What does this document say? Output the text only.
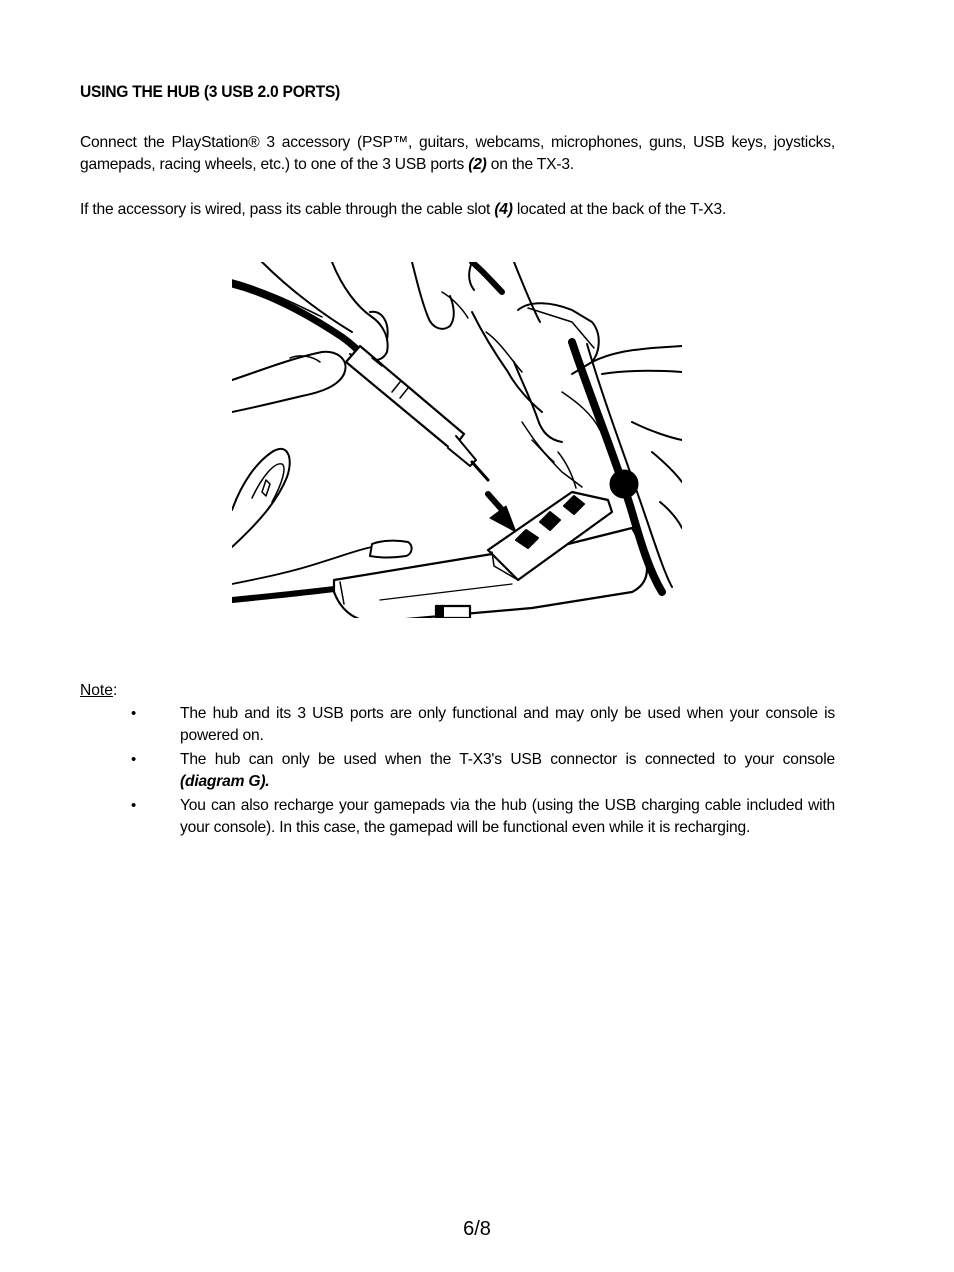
USING THE HUB (3 USB 2.0 PORTS)
Connect the PlayStation® 3 accessory (PSP™, guitars, webcams, microphones, guns, USB keys, joysticks, gamepads, racing wheels, etc.) to one of the 3 USB ports (2) on the TX-3.
If the accessory is wired, pass its cable through the cable slot (4) located at the back of the T-X3.
Note:
•	The hub and its 3 USB ports are only functional and may only be used when your console is powered on.
•	The hub can only be used when the T-X3's USB connector is connected to your console (diagram G).
•	You can also recharge your gamepads via the hub (using the USB charging cable included with your console). In this case, the gamepad will be functional even while it is recharging.
6/8
